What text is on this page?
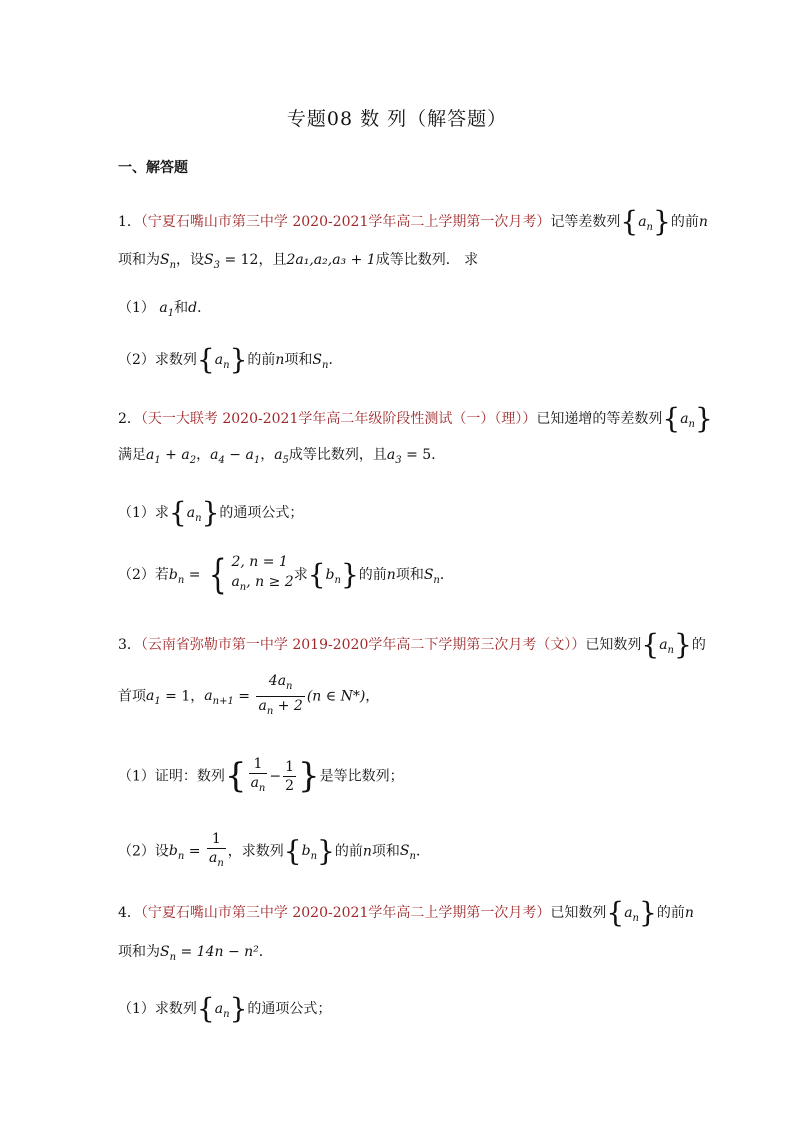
专题08 数 列（解答题）
一、解答题
1．（宁夏石嘴山市第三中学 2020-2021学年高二上学期第一次月考）记等差数列$\{a_n\}$的前n
项和为$S_n$，设$S_3 = 12$，且2a₁,a₂,a₃ + 1成等比数列． 求
（1） $a_1$和d．
（2）求数列$\{a_n\}$的前n项和$S_n$．
2．（天一大联考 2020-2021学年高二年级阶段性测试（一）（理））已知递增的等差数列$\{a_n\}$
满足$a_1 + a_2$，$a_4 - a_1$，$a_5$成等比数列，且$a_3 = 5$．
（1）求$\{a_n\}$的通项公式；
（2）若$b_n$ = { 2, n = 1
$a_n$, n ≥ 2求$\{b_n\}$的前n项和$S_n$．
3．（云南省弥勒市第一中学 2019-2020学年高二下学期第三次月考（文））已知数列$\{a_n\}$的
首项$a_1 = 1$，$a_{n+1} = \frac{4a_n}{a_n + 2} (n$ ∈ N*)，
（1）证明：数列{ $\frac{1}{a_n} - \frac{1}{2}$ }是等比数列；
（2）设$b_n = \frac{1}{a_n}$ ，求数列$\{b_n\}$的前n项和$S_n$．
4．（宁夏石嘴山市第三中学 2020-2021学年高二上学期第一次月考）已知数列$\{a_n\}$的前n
项和为$S_n = 14n - n^2$．
（1）求数列$\{a_n\}$的通项公式；
